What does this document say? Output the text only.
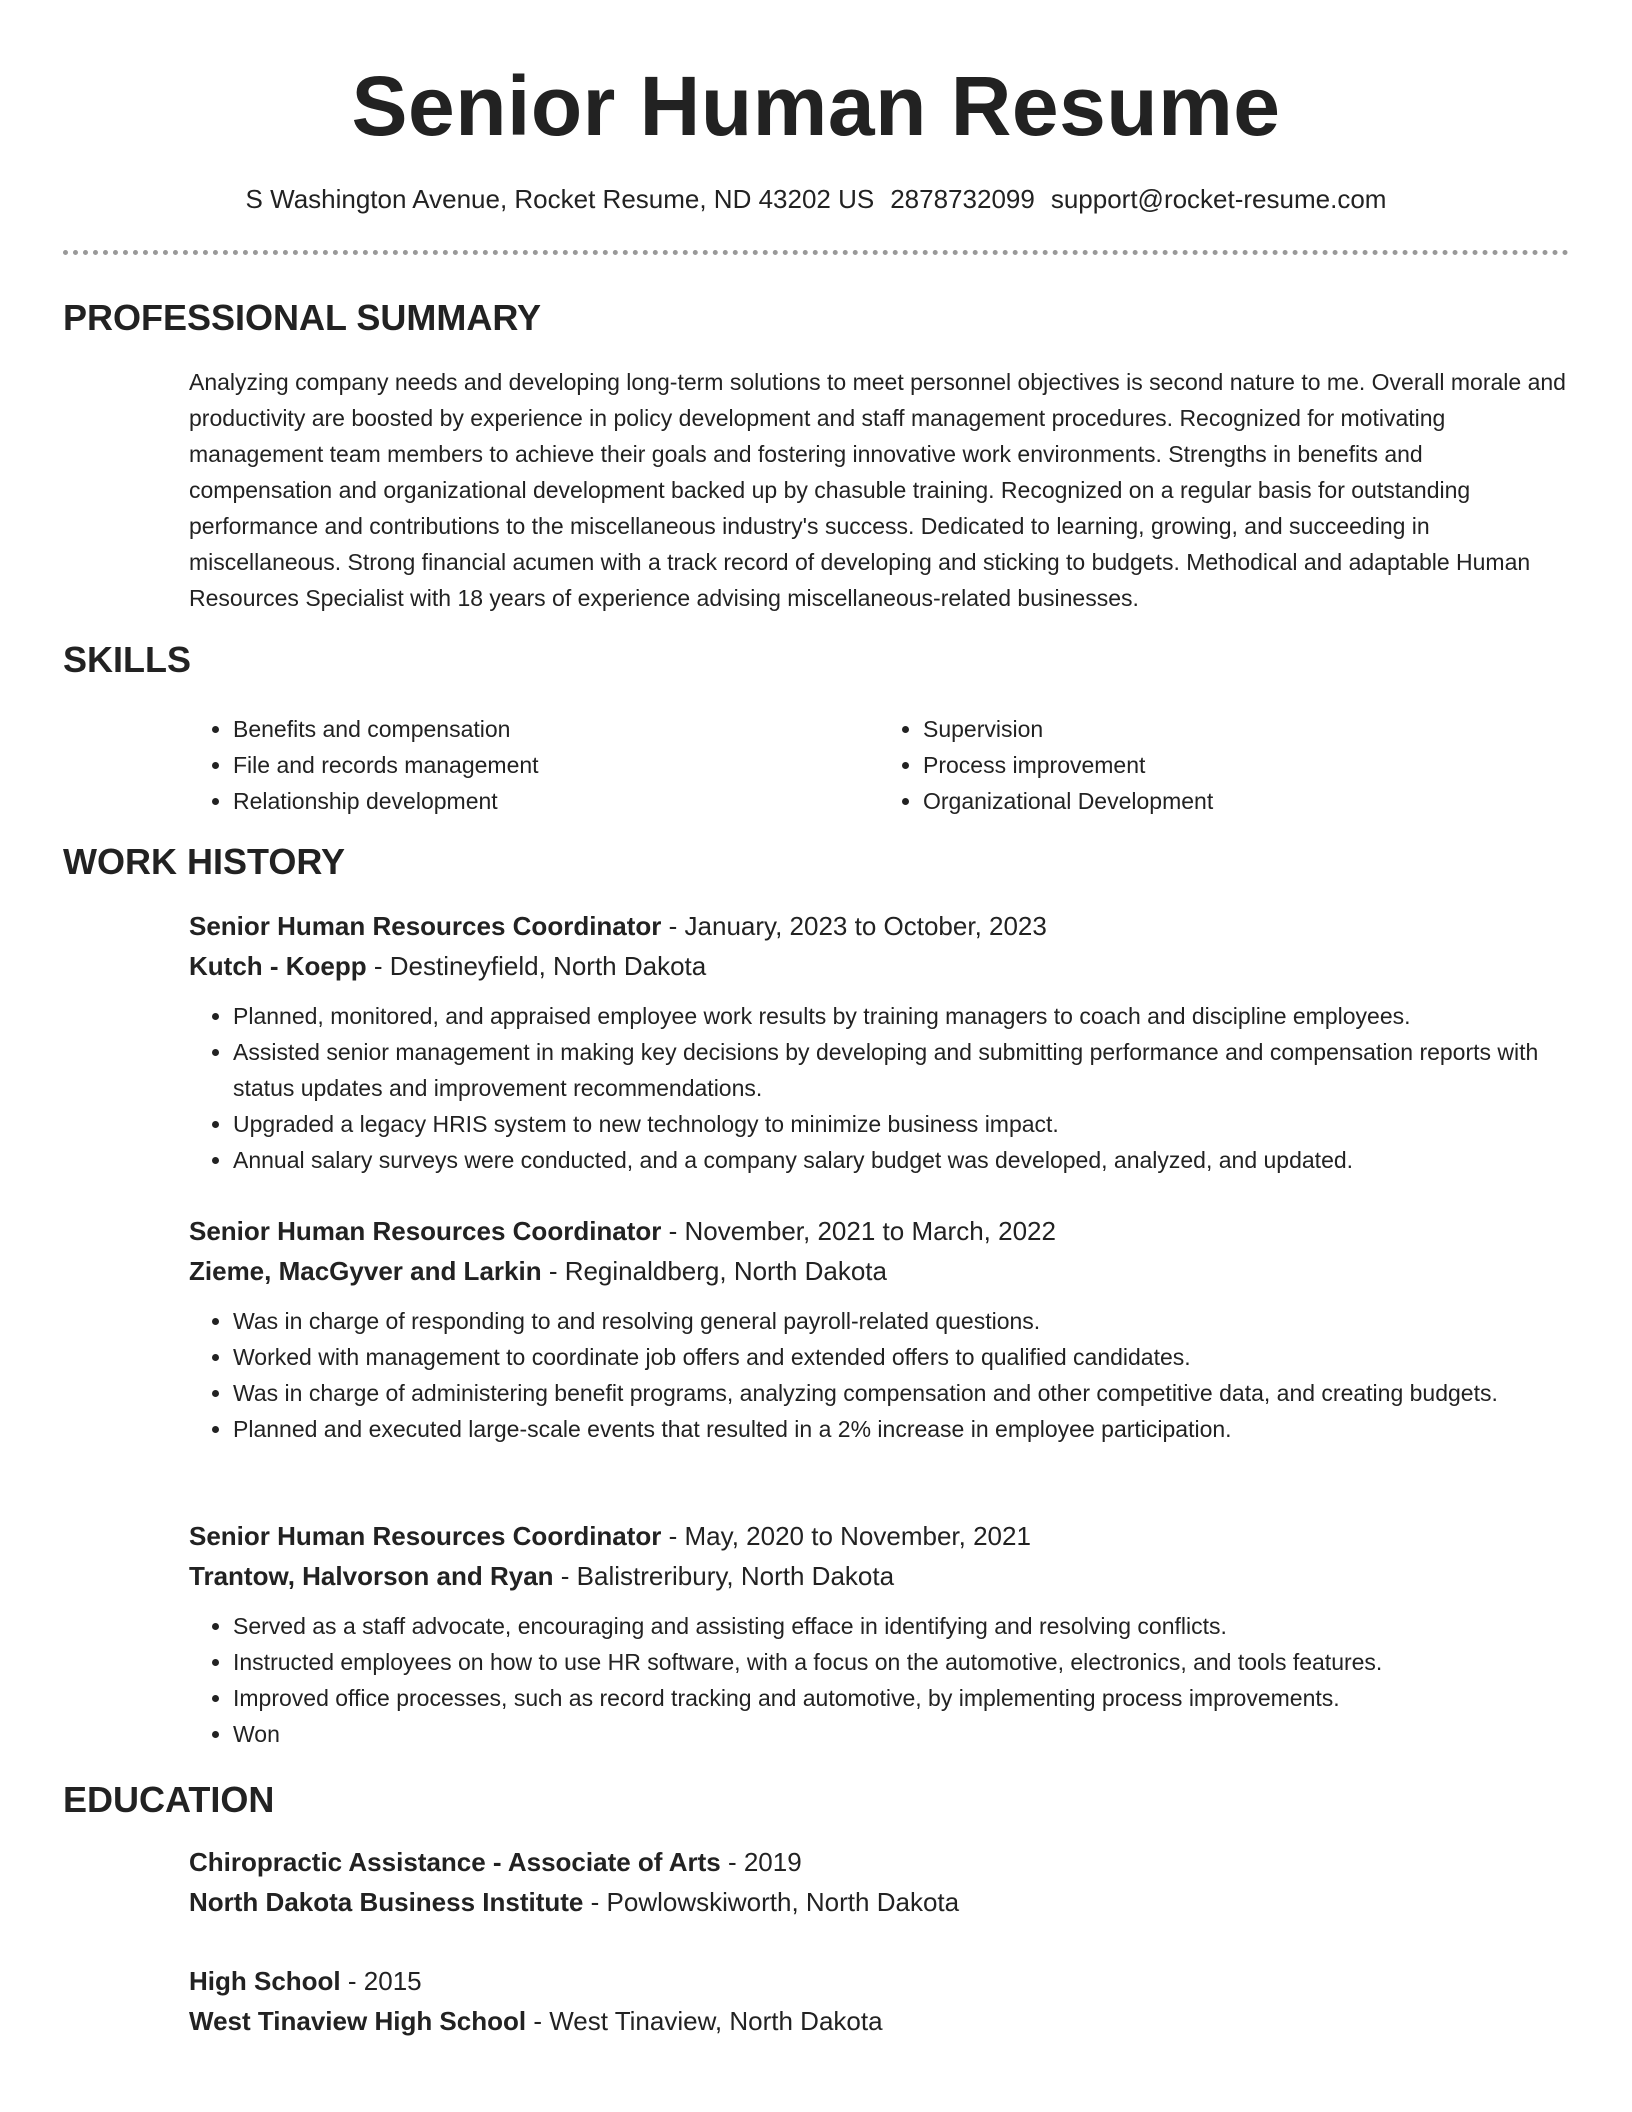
Senior Human Resume
S Washington Avenue, Rocket Resume, ND 43202 US 2878732099 support@rocket-resume.com
PROFESSIONAL SUMMARY
Analyzing company needs and developing long-term solutions to meet personnel objectives is second nature to me. Overall morale and productivity are boosted by experience in policy development and staff management procedures. Recognized for motivating management team members to achieve their goals and fostering innovative work environments. Strengths in benefits and compensation and organizational development backed up by chasuble training. Recognized on a regular basis for outstanding performance and contributions to the miscellaneous industry's success. Dedicated to learning, growing, and succeeding in miscellaneous. Strong financial acumen with a track record of developing and sticking to budgets. Methodical and adaptable Human Resources Specialist with 18 years of experience advising miscellaneous-related businesses.
SKILLS
• Benefits and compensation
• File and records management
• Relationship development
• Supervision
• Process improvement
• Organizational Development
WORK HISTORY
Senior Human Resources Coordinator - January, 2023 to October, 2023
Kutch - Koepp - Destineyfield, North Dakota
• Planned, monitored, and appraised employee work results by training managers to coach and discipline employees.
• Assisted senior management in making key decisions by developing and submitting performance and compensation reports with status updates and improvement recommendations.
• Upgraded a legacy HRIS system to new technology to minimize business impact.
• Annual salary surveys were conducted, and a company salary budget was developed, analyzed, and updated.
Senior Human Resources Coordinator - November, 2021 to March, 2022
Zieme, MacGyver and Larkin - Reginaldberg, North Dakota
• Was in charge of responding to and resolving general payroll-related questions.
• Worked with management to coordinate job offers and extended offers to qualified candidates.
• Was in charge of administering benefit programs, analyzing compensation and other competitive data, and creating budgets.
• Planned and executed large-scale events that resulted in a 2% increase in employee participation.
Senior Human Resources Coordinator - May, 2020 to November, 2021
Trantow, Halvorson and Ryan - Balistreribury, North Dakota
• Served as a staff advocate, encouraging and assisting efface in identifying and resolving conflicts.
• Instructed employees on how to use HR software, with a focus on the automotive, electronics, and tools features.
• Improved office processes, such as record tracking and automotive, by implementing process improvements.
• Won
EDUCATION
Chiropractic Assistance - Associate of Arts - 2019
North Dakota Business Institute - Powlowskiworth, North Dakota
High School - 2015
West Tinaview High School - West Tinaview, North Dakota
